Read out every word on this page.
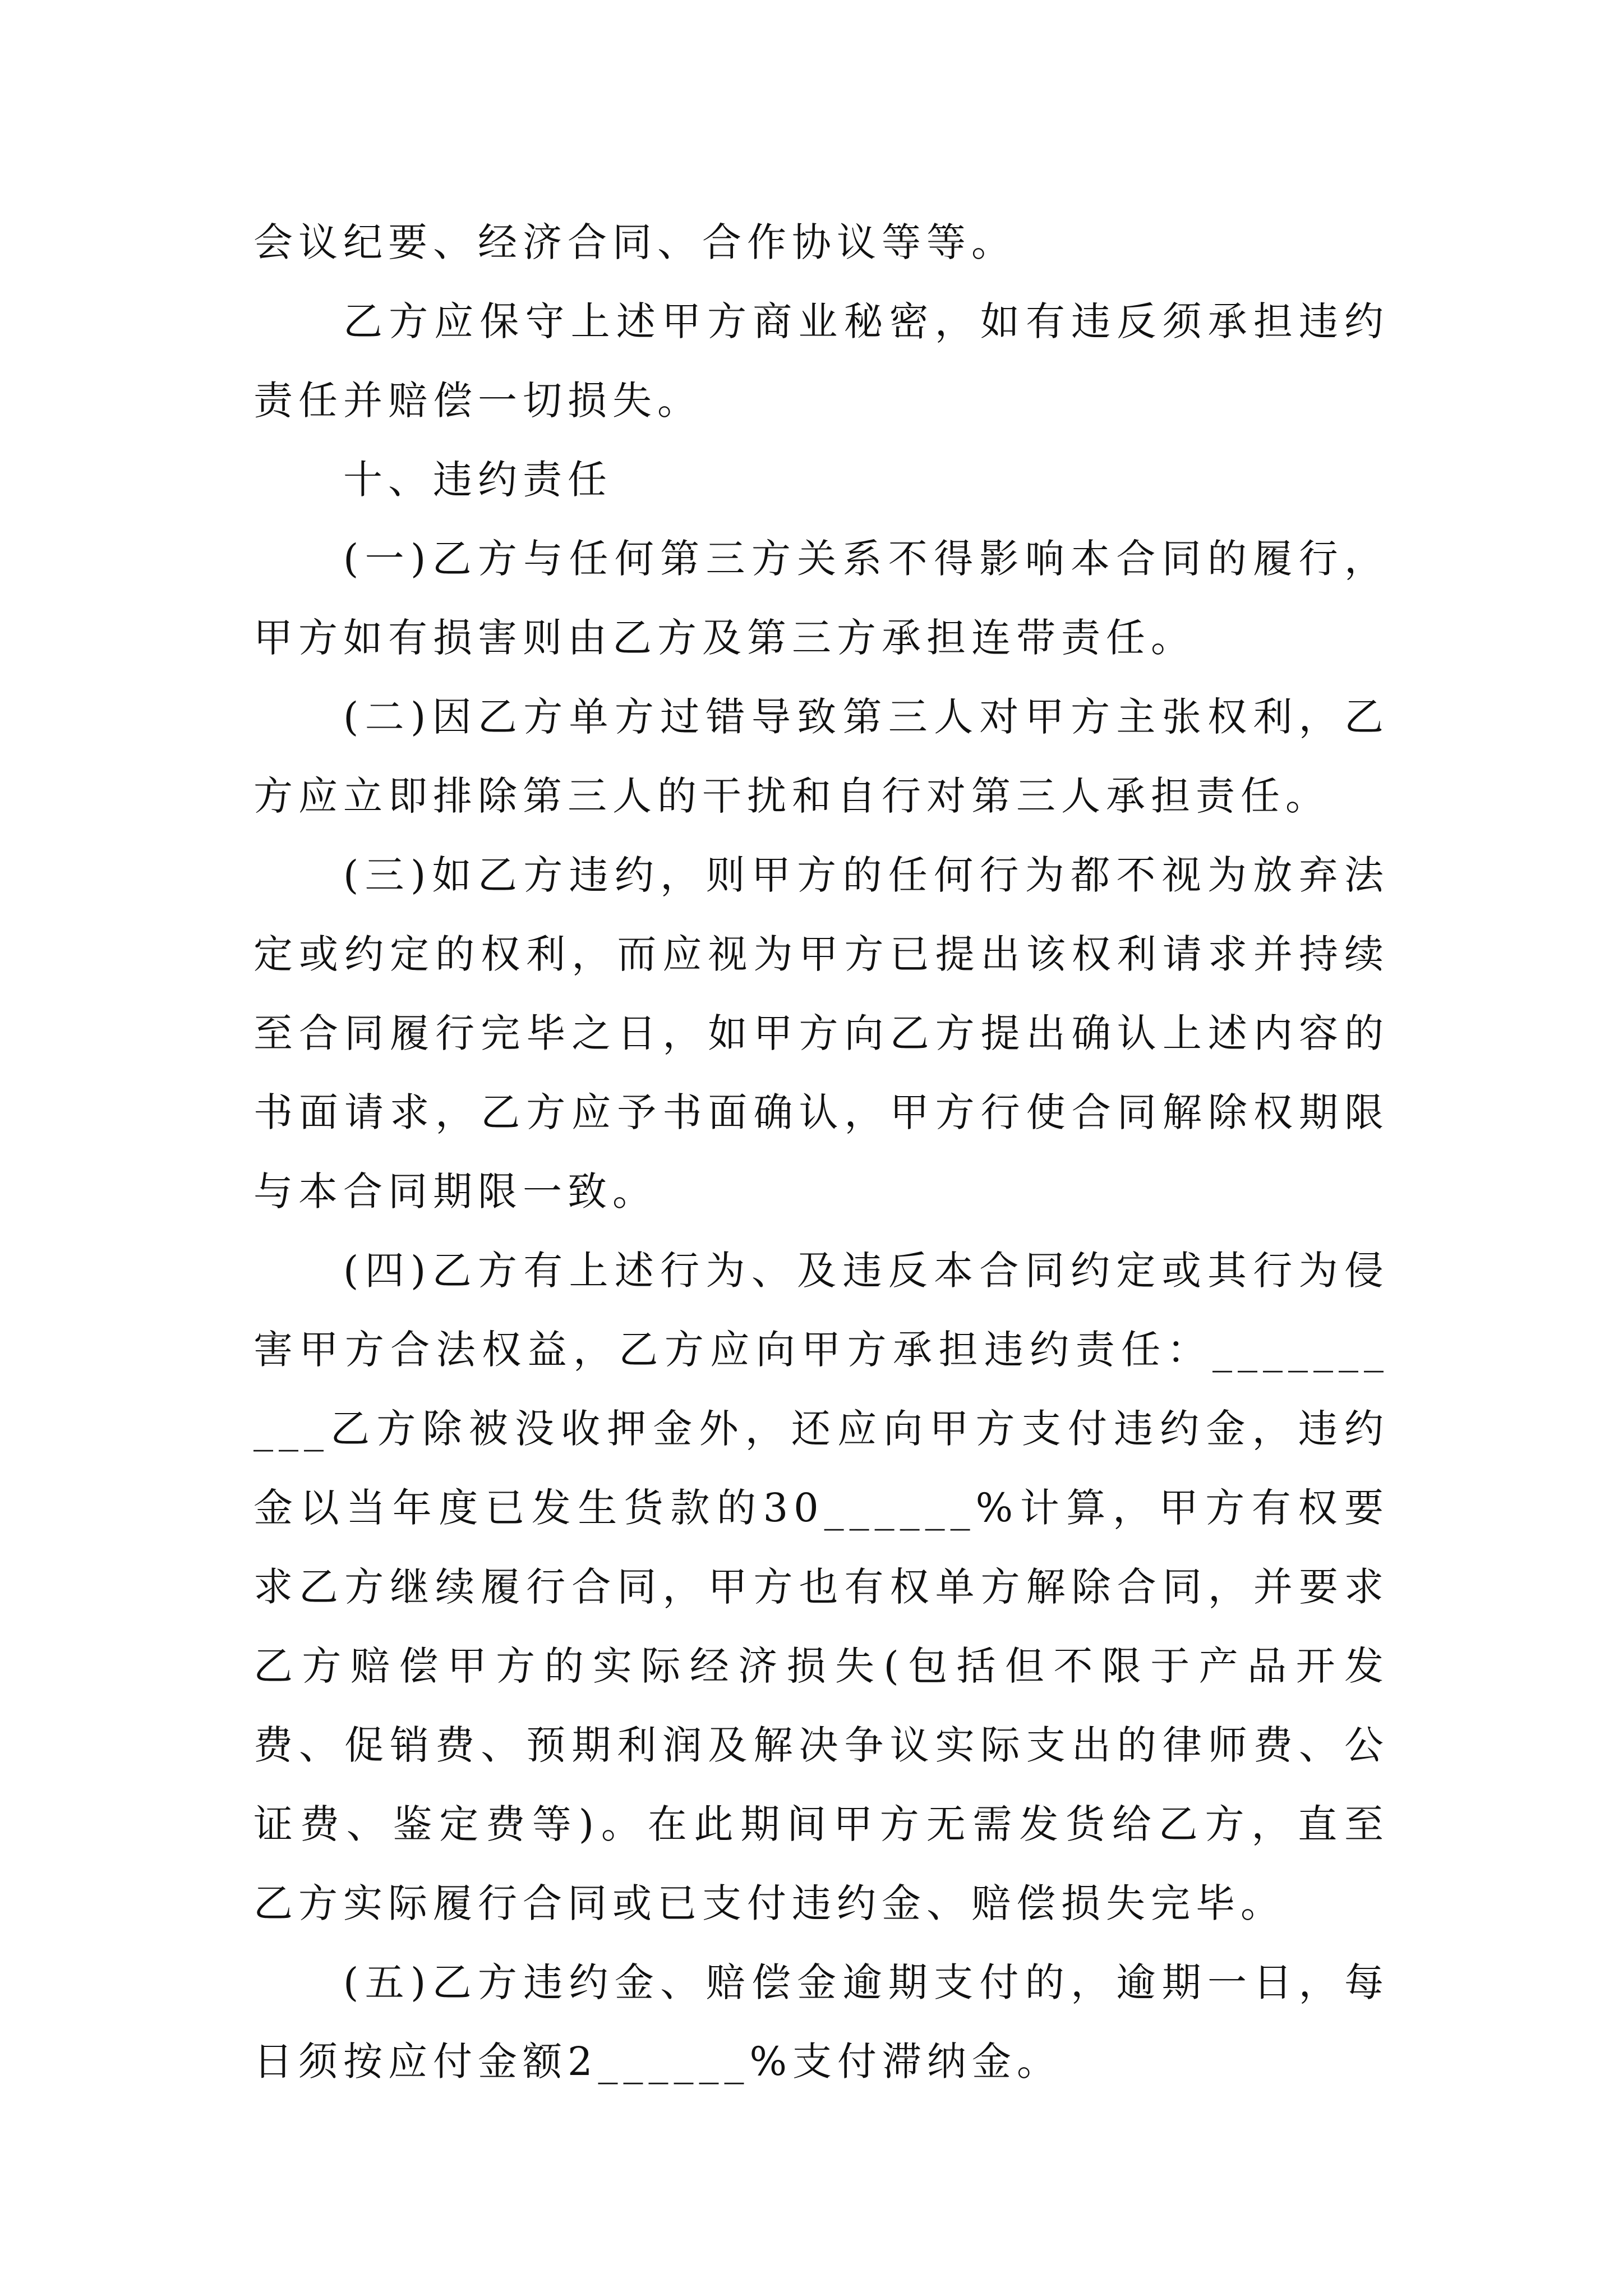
会议纪要、经济合同、合作协议等等。

乙方应保守上述甲方商业秘密，如有违反须承担违约责任并赔偿一切损失。

十、违约责任

(一)乙方与任何第三方关系不得影响本合同的履行，甲方如有损害则由乙方及第三方承担连带责任。

(二)因乙方单方过错导致第三人对甲方主张权利，乙方应立即排除第三人的干扰和自行对第三人承担责任。

(三)如乙方违约，则甲方的任何行为都不视为放弃法定或约定的权利，而应视为甲方已提出该权利请求并持续至合同履行完毕之日，如甲方向乙方提出确认上述内容的书面请求，乙方应予书面确认，甲方行使合同解除权期限与本合同期限一致。

(四)乙方有上述行为、及违反本合同约定或其行为侵害甲方合法权益，乙方应向甲方承担违约责任：__________乙方除被没收押金外，还应向甲方支付违约金，违约金以当年度已发生货款的30______%计算，甲方有权要求乙方继续履行合同，甲方也有权单方解除合同，并要求乙方赔偿甲方的实际经济损失(包括但不限于产品开发费、促销费、预期利润及解决争议实际支出的律师费、公证费、鉴定费等)。在此期间甲方无需发货给乙方，直至乙方实际履行合同或已支付违约金、赔偿损失完毕。

(五)乙方违约金、赔偿金逾期支付的，逾期一日，每日须按应付金额2______%支付滞纳金。
